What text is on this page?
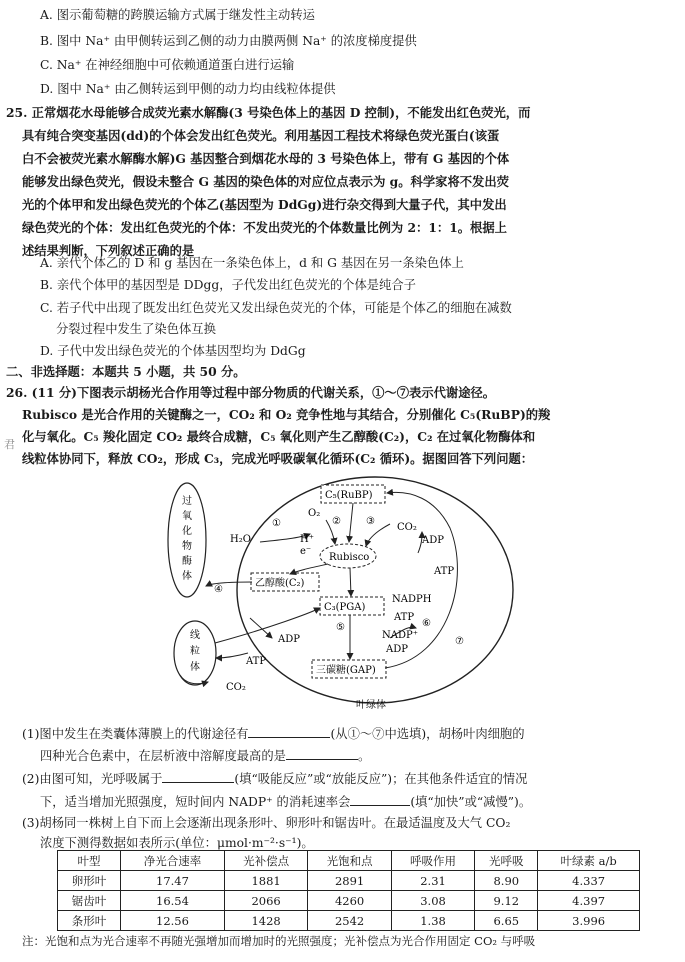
A. 图示葡萄糖的跨膜运输方式属于继发性主动转运
B. 图中 Na⁺ 由甲侧转运到乙侧的动力由膜两侧 Na⁺ 的浓度梯度提供
C. Na⁺ 在神经细胞中可依赖通道蛋白进行运输
D. 图中 Na⁺ 由乙侧转运到甲侧的动力均由线粒体提供
25. 正常烟花水母能够合成荧光素水解酶(3 号染色体上的基因 D 控制)，不能发出红色荧光，而
具有纯合突变基因(dd)的个体会发出红色荧光。利用基因工程技术将绿色荧光蛋白(该蛋
白不会被荧光素水解酶水解)G 基因整合到烟花水母的 3 号染色体上，带有 G 基因的个体
能够发出绿色荧光，假设未整合 G 基因的染色体的对应位点表示为 g。科学家将不发出荧
光的个体甲和发出绿色荧光的个体乙(基因型为 DdGg)进行杂交得到大量子代，其中发出
绿色荧光的个体：发出红色荧光的个体：不发出荧光的个体数量比例为 2：1：1。根据上
述结果判断，下列叙述正确的是
A. 亲代个体乙的 D 和 g 基因在一条染色体上，d 和 G 基因在另一条染色体上
B. 亲代个体甲的基因型是 DDgg，子代发出红色荧光的个体是纯合子
C. 若子代中出现了既发出红色荧光又发出绿色荧光的个体，可能是个体乙的细胞在减数
分裂过程中发生了染色体互换
D. 子代中发出绿色荧光的个体基因型均为 DdGg
二、非选择题：本题共 5 小题，共 50 分。
26. (11 分)下图表示胡杨光合作用等过程中部分物质的代谢关系，①～⑦表示代谢途径。
Rubisco 是光合作用的关键酶之一，CO₂ 和 O₂ 竞争性地与其结合，分别催化 C₅(RuBP)的羧
化与氧化。C₅ 羧化固定 CO₂ 最终合成糖，C₅ 氧化则产生乙醇酸(C₂)，C₂ 在过氧化物酶体和
线粒体协同下，释放 CO₂，形成 C₃，完成光呼吸碳氧化循环(C₂ 循环)。据图回答下列问题：
君
C₅(RuBP)
Rubisco
乙醇酸(C₂)
C₃(PGA)
三碳糖(GAP)
H₂O	H⁺
e⁻
O₂
CO₂
CO₂
ADP
ATP
ADP
ATP
NADPH
ATP
NADP⁺
ADP
①	②	③
④
⑤	⑥
⑦
过
氧
化
物
酶
体
线
粒
体
叶绿体
(1)图中发生在类囊体薄膜上的代谢途径有	(从①～⑦中选填)，胡杨叶肉细胞的
四种光合色素中，在层析液中溶解度最高的是	。
(2)由图可知，光呼吸属于	(填“吸能反应”或“放能反应”)；在其他条件适宜的情况
下，适当增加光照强度，短时间内 NADP⁺ 的消耗速率会	(填“加快”或“减慢”)。
(3)胡杨同一株树上自下而上会逐渐出现条形叶、卵形叶和锯齿叶。在最适温度及大气 CO₂
浓度下测得数据如表所示(单位：μmol·m⁻²·s⁻¹)。
叶型	净光合速率	光补偿点	光饱和点	呼吸作用	光呼吸	叶绿素 a/b
卵形叶	17.47	1881	2891	2.31	8.90	4.337
锯齿叶	16.54	2066	4260	3.08	9.12	4.397
条形叶	12.56	1428	2542	1.38	6.65	3.996
注：光饱和点为光合速率不再随光强增加而增加时的光照强度；光补偿点为光合作用固定 CO₂ 与呼吸
